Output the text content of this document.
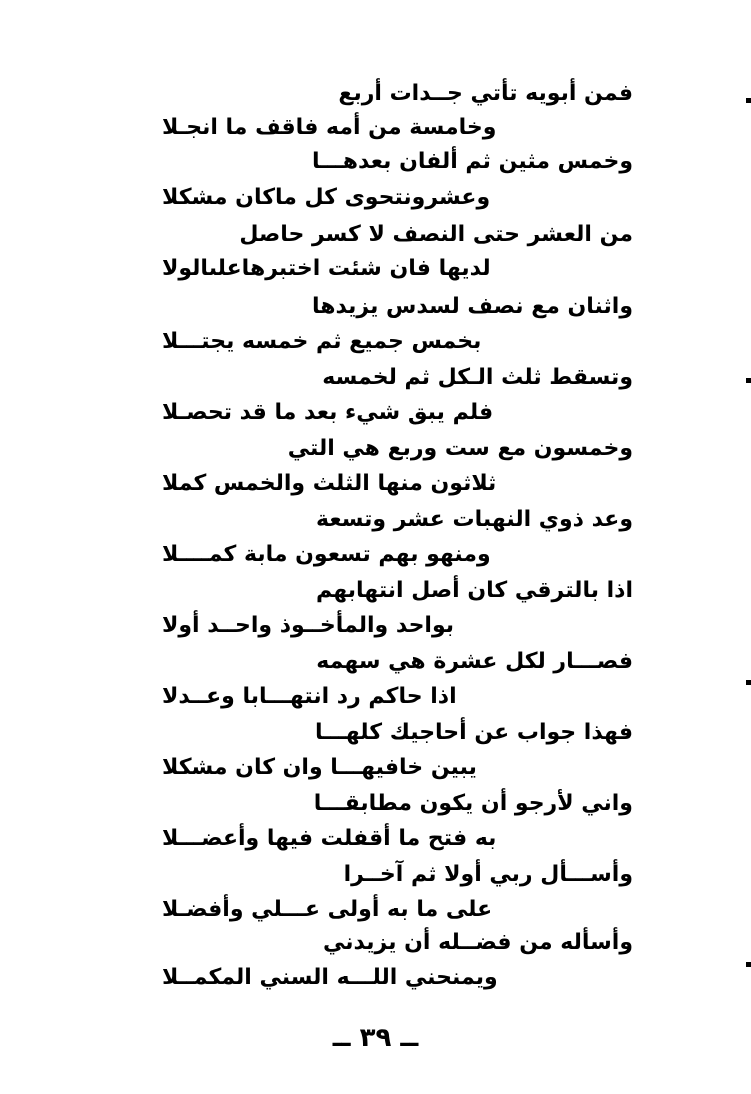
فمن أبويه تأتي جــدات أربع
وخامسة من أمه فاقف ما انجـلا
وخمس مثين ثم ألفان بعدهـــا
وعشرونتحوى كل ماكان مشكلا
من العشر حتى النصف لا كسر حاصل
لديها فان شئت اختبرهاعلىالولا
واثنان مع نصف لسدس يزيدها
بخمس جميع ثم خمسه يجتـــلا
وتسقط ثلث الـكل ثم لخمسه
فلم يبق شيء بعد ما قد تحصـلا
وخمسون مع ست وربع هي التي
ثلاثون منها الثلث والخمس كملا
وعد ذوي النهبات عشر وتسعة
ومنهو بهم تسعون مابة كمــــلا
اذا بالترقي كان أصل انتهابهم
بواحد والمأخــوذ واحــد أولا
فصـــار لكل عشرة هي سهمه
اذا حاكم رد انتهـــابا وعــدلا
فهذا جواب عن أحاجيك كلهـــا
يبين خافيهـــا وان كان مشكلا
واني لأرجو أن يكون مطابقـــا
به فتح ما أقفلت فيها وأعضـــلا
وأســـأل ربي أولا ثم آخــرا
على ما به أولى عـــلي وأفضـلا
وأسأله من فضــله أن يزيدني
ويمنحني اللـــه السني المكمــلا
ــ ٣٩ ــ
